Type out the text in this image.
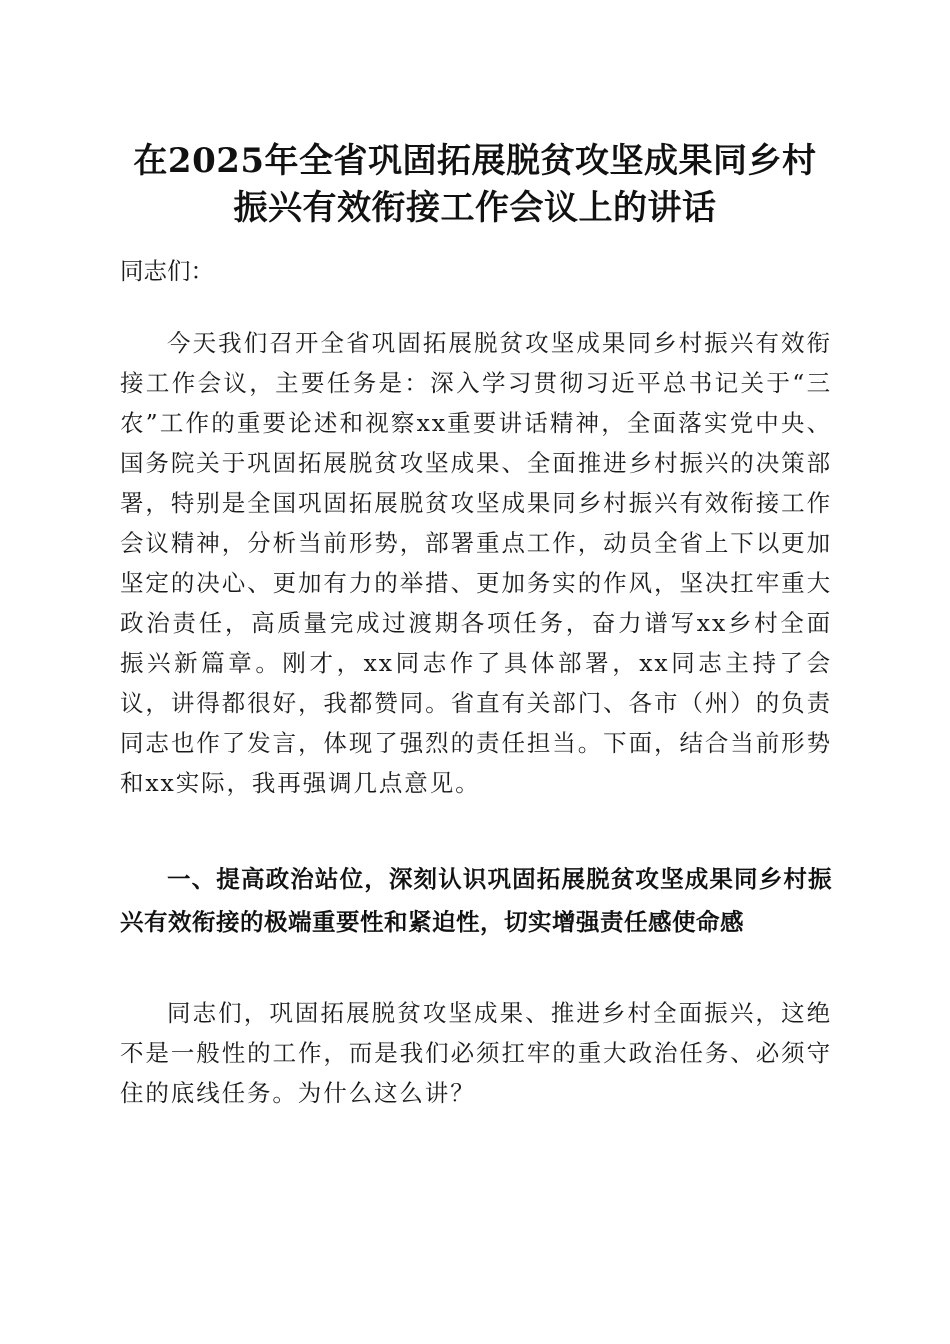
在2025年全省巩固拓展脱贫攻坚成果同乡村
振兴有效衔接工作会议上的讲话

同志们：

今天我们召开全省巩固拓展脱贫攻坚成果同乡村振兴有效衔接工作会议，主要任务是：深入学习贯彻习近平总书记关于“三农”工作的重要论述和视察xx重要讲话精神，全面落实党中央、国务院关于巩固拓展脱贫攻坚成果、全面推进乡村振兴的决策部署，特别是全国巩固拓展脱贫攻坚成果同乡村振兴有效衔接工作会议精神，分析当前形势，部署重点工作，动员全省上下以更加坚定的决心、更加有力的举措、更加务实的作风，坚决扛牢重大政治责任，高质量完成过渡期各项任务，奋力谱写xx乡村全面振兴新篇章。刚才，xx同志作了具体部署，xx同志主持了会议，讲得都很好，我都赞同。省直有关部门、各市（州）的负责同志也作了发言，体现了强烈的责任担当。下面，结合当前形势和xx实际，我再强调几点意见。

一、提高政治站位，深刻认识巩固拓展脱贫攻坚成果同乡村振兴有效衔接的极端重要性和紧迫性，切实增强责任感使命感

同志们，巩固拓展脱贫攻坚成果、推进乡村全面振兴，这绝不是一般性的工作，而是我们必须扛牢的重大政治任务、必须守住的底线任务。为什么这么讲？
